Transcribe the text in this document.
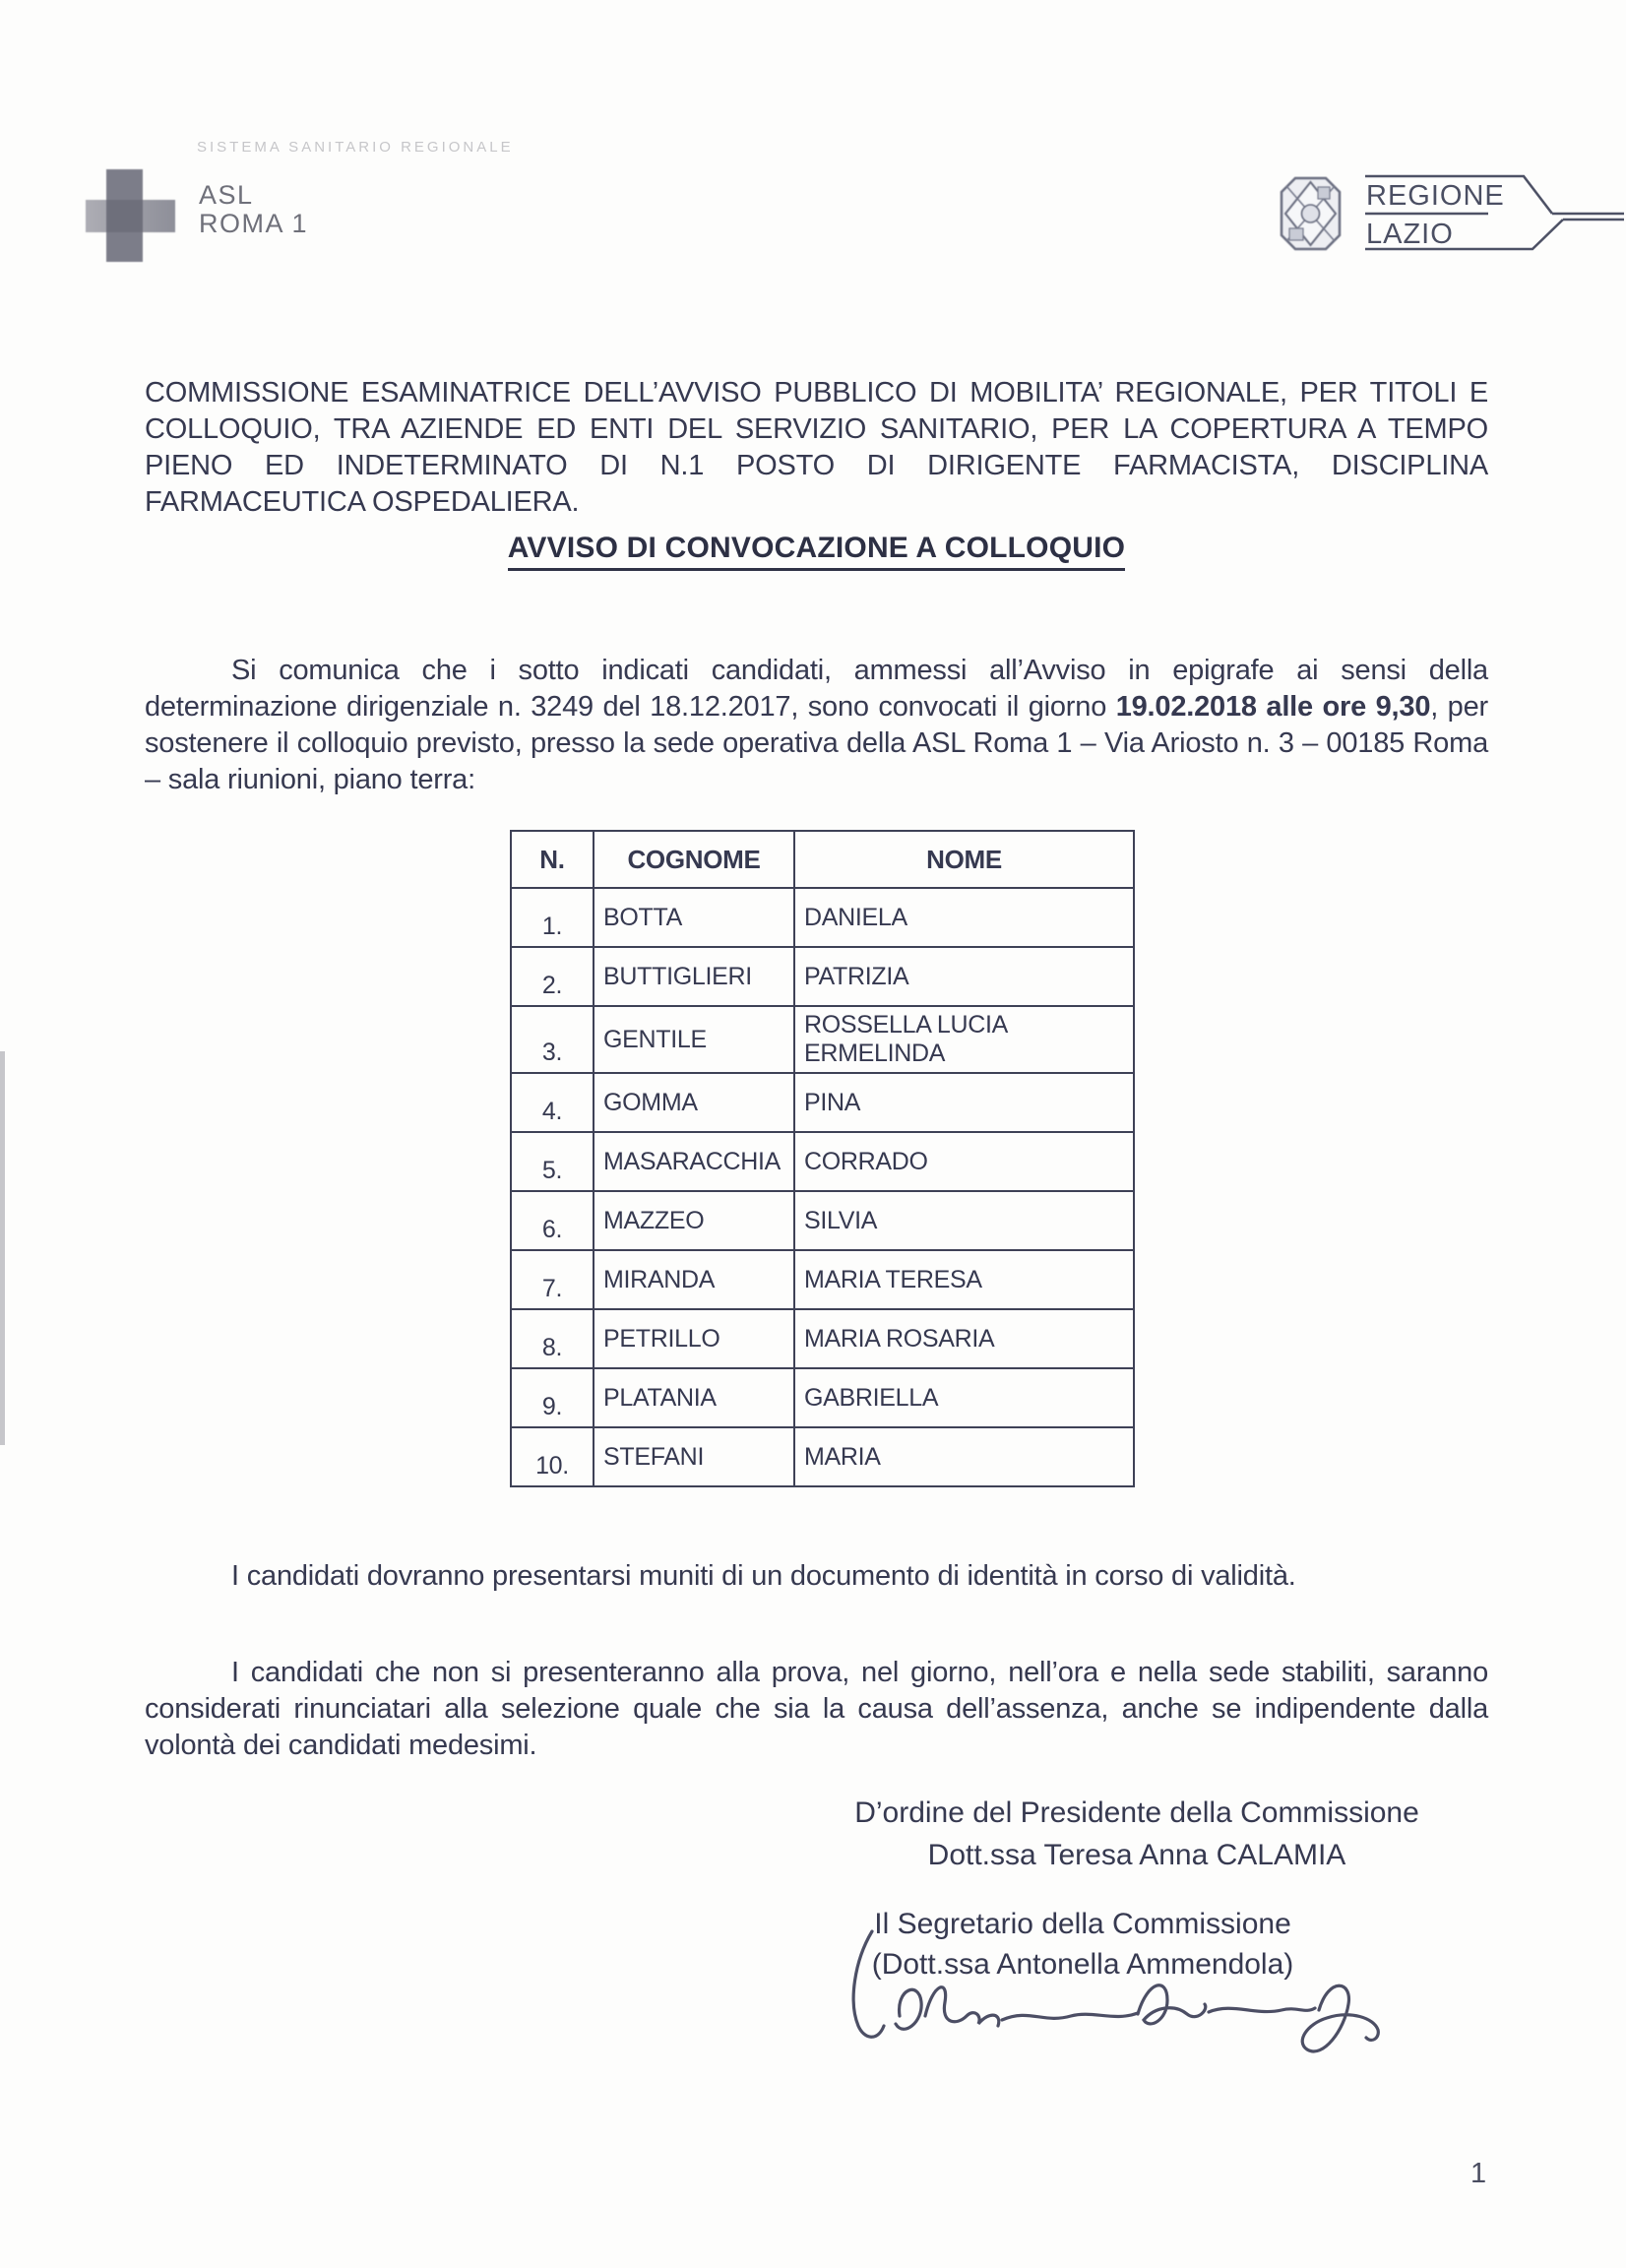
SISTEMA SANITARIO REGIONALE
ASL
ROMA 1
REGIONE
LAZIO

COMMISSIONE ESAMINATRICE DELL’AVVISO PUBBLICO DI MOBILITA’ REGIONALE, PER TITOLI E COLLOQUIO, TRA AZIENDE ED ENTI DEL SERVIZIO SANITARIO, PER LA COPERTURA A TEMPO PIENO ED INDETERMINATO DI N.1 POSTO DI DIRIGENTE FARMACISTA, DISCIPLINA FARMACEUTICA OSPEDALIERA.

AVVISO DI CONVOCAZIONE A COLLOQUIO

Si comunica che i sotto indicati candidati, ammessi all’Avviso in epigrafe ai sensi della determinazione dirigenziale n. 3249 del 18.12.2017, sono convocati il giorno 19.02.2018 alle ore 9,30, per sostenere il colloquio previsto, presso la sede operativa della ASL Roma 1 – Via Ariosto n. 3 – 00185 Roma – sala riunioni, piano terra:

N.	COGNOME	NOME
1.	BOTTA	DANIELA
2.	BUTTIGLIERI	PATRIZIA
3.	GENTILE	ROSSELLA LUCIA ERMELINDA
4.	GOMMA	PINA
5.	MASARACCHIA	CORRADO
6.	MAZZEO	SILVIA
7.	MIRANDA	MARIA TERESA
8.	PETRILLO	MARIA ROSARIA
9.	PLATANIA	GABRIELLA
10.	STEFANI	MARIA

I candidati dovranno presentarsi muniti di un documento di identità in corso di validità.

I candidati che non si presenteranno alla prova, nel giorno, nell’ora e nella sede stabiliti, saranno considerati rinunciatari alla selezione quale che sia la causa dell’assenza, anche se indipendente dalla volontà dei candidati medesimi.

D’ordine del Presidente della Commissione
Dott.ssa Teresa Anna CALAMIA
Il Segretario della Commissione
(Dott.ssa Antonella Ammendola)
1
